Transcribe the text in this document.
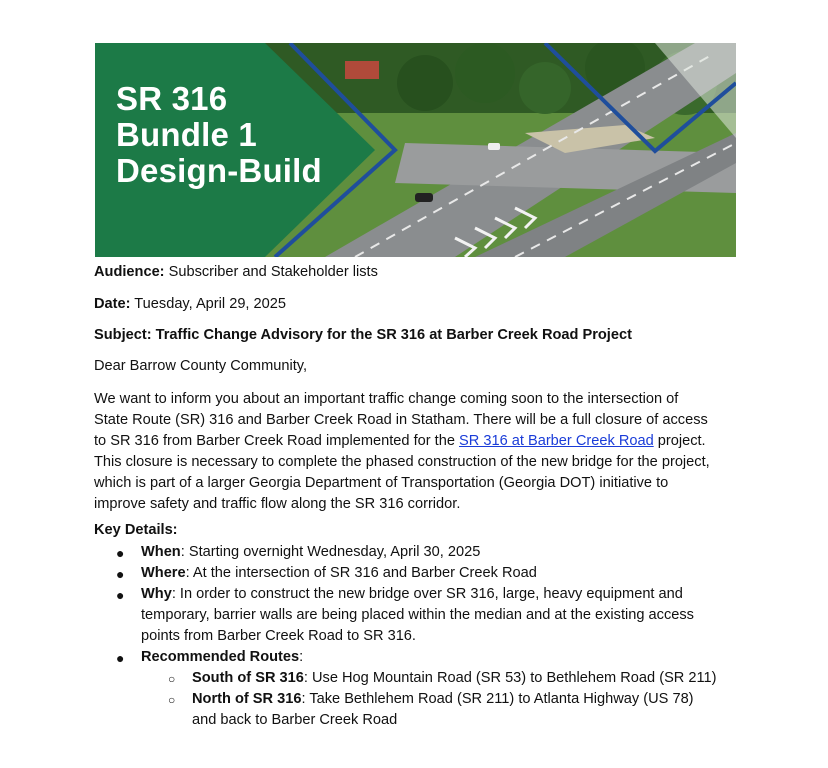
SR 316
Bundle 1
Design-Build
Audience: Subscriber and Stakeholder lists
Date: Tuesday, April 29, 2025
Subject: Traffic Change Advisory for the SR 316 at Barber Creek Road Project
Dear Barrow County Community,
We want to inform you about an important traffic change coming soon to the intersection of
State Route (SR) 316 and Barber Creek Road in Statham. There will be a full closure of access
to SR 316 from Barber Creek Road implemented for the SR 316 at Barber Creek Road project.
This closure is necessary to complete the phased construction of the new bridge for the project,
which is part of a larger Georgia Department of Transportation (Georgia DOT) initiative to
improve safety and traffic flow along the SR 316 corridor.
Key Details:
● When: Starting overnight Wednesday, April 30, 2025
● Where: At the intersection of SR 316 and Barber Creek Road
● Why: In order to construct the new bridge over SR 316, large, heavy equipment and
temporary, barrier walls are being placed within the median and at the existing access
points from Barber Creek Road to SR 316.
● Recommended Routes:
○ South of SR 316: Use Hog Mountain Road (SR 53) to Bethlehem Road (SR 211)
○ North of SR 316: Take Bethlehem Road (SR 211) to Atlanta Highway (US 78)
and back to Barber Creek Road
